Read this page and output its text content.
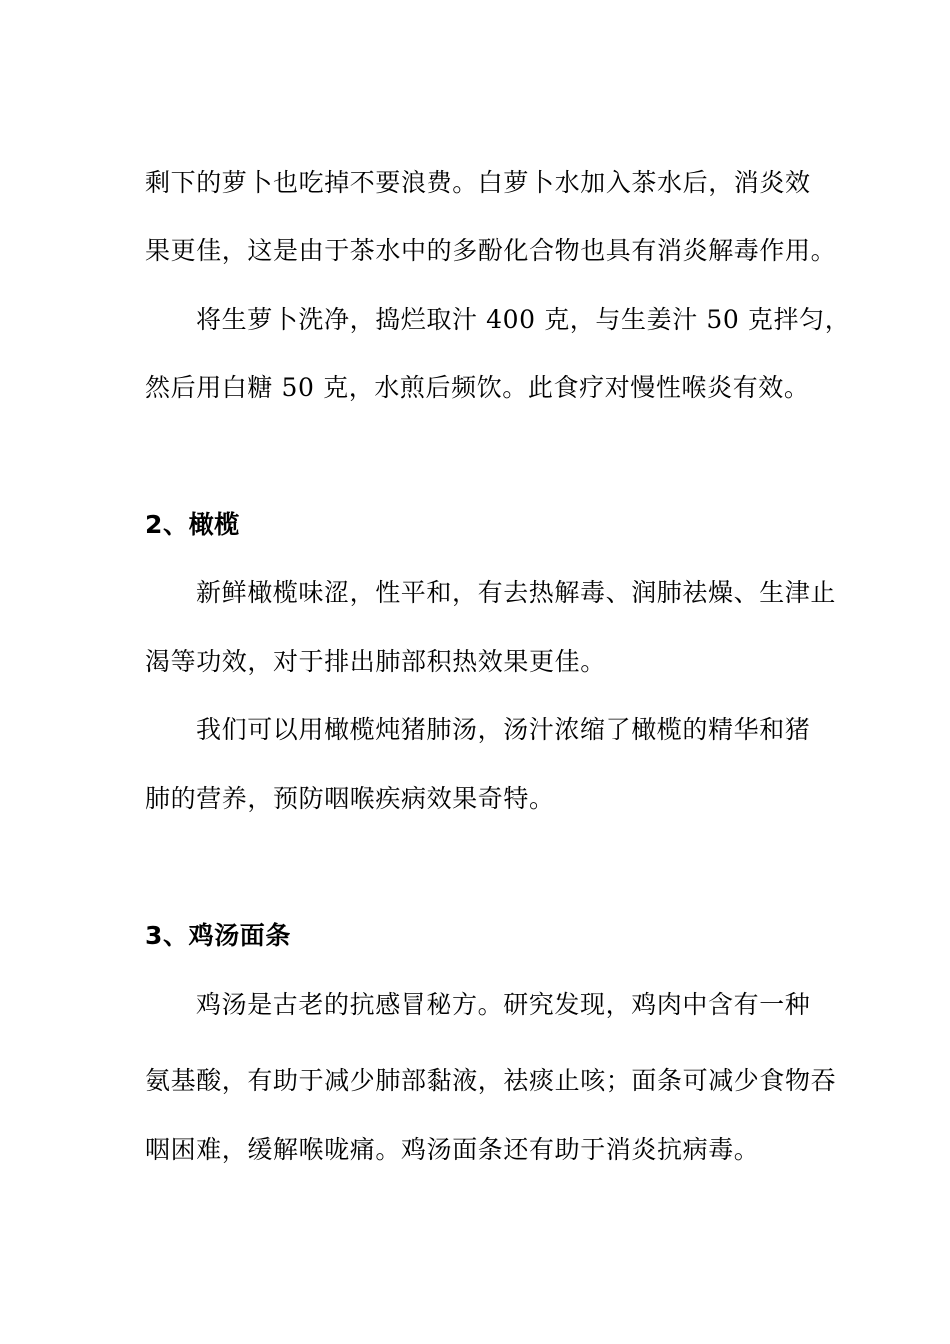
剩下的萝卜也吃掉不要浪费。白萝卜水加入茶水后，消炎效
果更佳，这是由于茶水中的多酚化合物也具有消炎解毒作用。
将生萝卜洗净，捣烂取汁 400 克，与生姜汁 50 克拌匀，
然后用白糖 50 克，水煎后频饮。此食疗对慢性喉炎有效。
2、橄榄
新鲜橄榄味涩，性平和，有去热解毒、润肺祛燥、生津止
渴等功效，对于排出肺部积热效果更佳。
我们可以用橄榄炖猪肺汤，汤汁浓缩了橄榄的精华和猪
肺的营养，预防咽喉疾病效果奇特。
3、鸡汤面条
鸡汤是古老的抗感冒秘方。研究发现，鸡肉中含有一种
氨基酸，有助于减少肺部黏液，祛痰止咳；面条可减少食物吞
咽困难，缓解喉咙痛。鸡汤面条还有助于消炎抗病毒。
